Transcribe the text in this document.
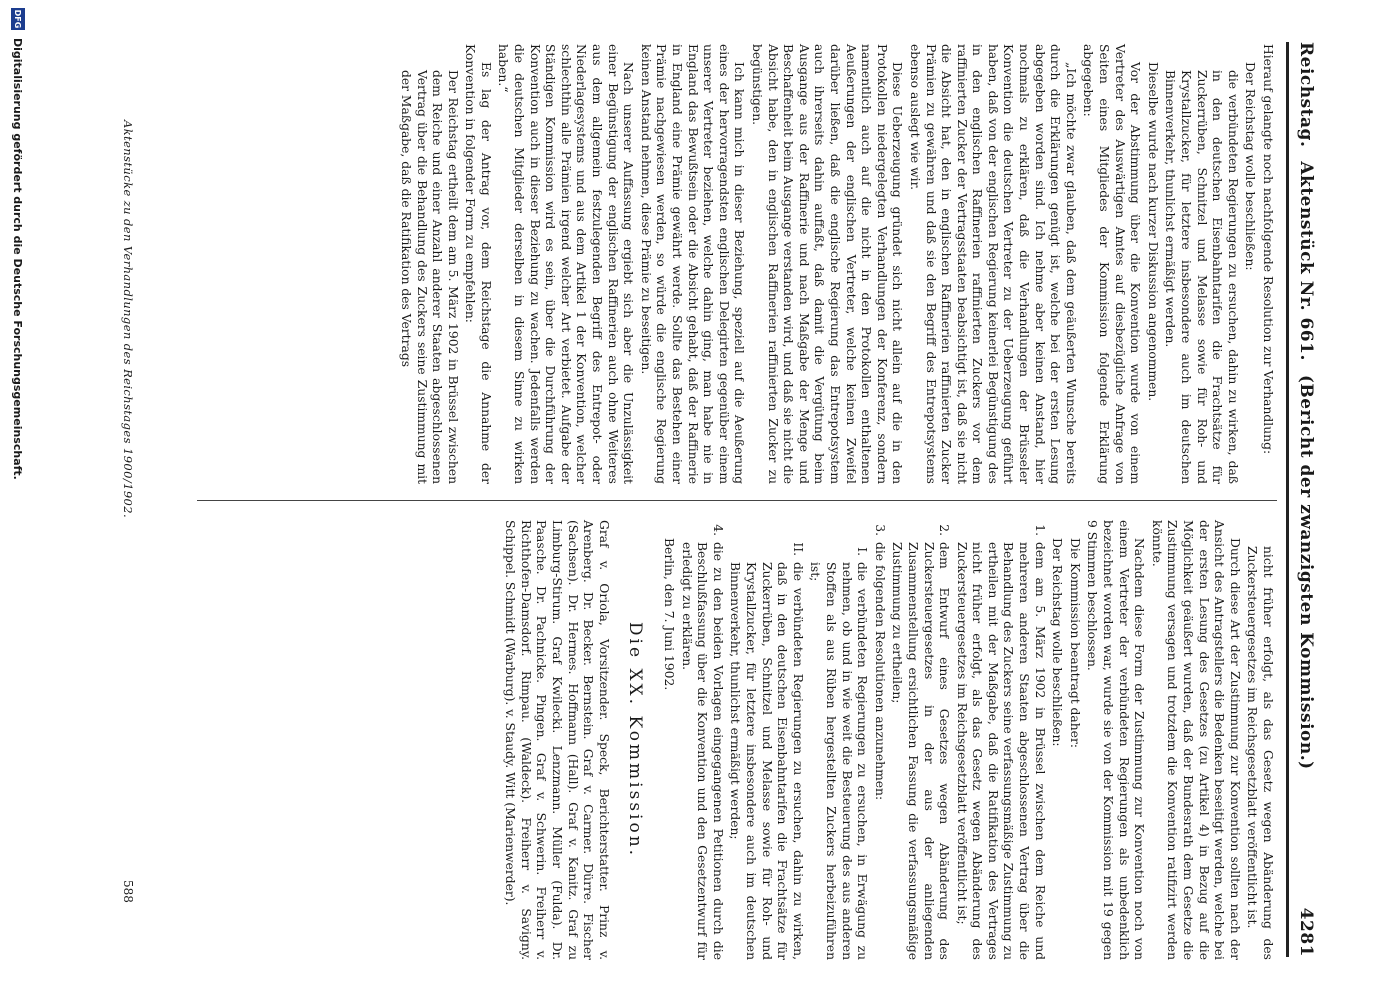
Reichstag.
Aktenstück Nr. 661.
(Bericht der zwanzigsten Kommission.)
4281

Hierauf gelangte noch nachfolgende Resolution zur Verhandlung:

Der Reichstag wolle beschließen:

die verbündeten Regierungen zu ersuchen, dahin zu wirken, daß in den deutschen Eisenbahntarifen die Frachtsätze für Zuckerrüben, Schnitzel und Melasse sowie für Roh- und Krystallzucker, für letztere insbesondere auch im deutschen Binnenverkehr, thunlichst ermäßigt werden.

Dieselbe wurde nach kurzer Diskussion angenommen.

Vor der Abstimmung über die Konvention wurde von einem Vertreter des Auswärtigen Amtes auf diesbezügliche Anfrage von Seiten eines Mitgliedes der Kommission folgende Erklärung abgegeben:

„Ich möchte zwar glauben, daß dem geäußerten Wunsche bereits durch die Erklärungen genügt ist, welche bei der ersten Lesung abgegeben worden sind. Ich nehme aber keinen Anstand, hier nochmals zu erklären, daß die Verhandlungen der Brüsseler Konvention die deutschen Vertreter zu der Ueberzeugung geführt haben, daß von der englischen Regierung keinerlei Begünstigung des in den englischen Raffinerien raffinierten Zuckers vor dem raffinierten Zucker der Vertragsstaaten beabsichtigt ist, daß sie nicht die Absicht hat, den in englischen Raffinerien raffinierten Zucker Prämien zu gewähren und daß sie den Begriff des Entrepotsystems ebenso auslegt wie wir.

Diese Ueberzeugung gründet sich nicht allein auf die in den Protokollen niedergelegten Verhandlungen der Konferenz, sondern namentlich auch auf die nicht in den Protokollen enthaltenen Aeußerungen der englischen Vertreter, welche keinen Zweifel darüber ließen, daß die englische Regierung das Entrepotsystem auch ihrerseits dahin auffaßt, daß damit die Vergütung beim Ausgange aus der Raffinerie und nach Maßgabe der Menge und Beschaffenheit beim Ausgange verstanden wird, und daß sie nicht die Absicht habe, den in englischen Raffinerien raffinierten Zucker zu begünstigen.

Ich kann mich in dieser Beziehung, speziell auf die Aeußerung eines der hervorragendsten englischen Delegirten gegenüber einem unserer Vertreter beziehen, welche dahin ging, man habe nie in England das Bewußtsein oder die Absicht gehabt, daß der Raffinerie in England eine Prämie gewährt werde. Sollte das Bestehen einer Prämie nachgewiesen werden, so würde die englische Regierung keinen Anstand nehmen, diese Prämie zu beseitigen.

Nach unserer Auffassung ergiebt sich aber die Unzulässigkeit einer Begünstigung der englischen Raffinerien auch ohne Weiteres aus dem allgemein festzulegenden Begriff des Entrepot- oder Niederlagesystems und aus dem Artikel 1 der Konvention, welcher schlechthin alle Prämien irgend welcher Art verbietet. Aufgabe der Ständigen Kommission wird es sein, über die Durchführung der Konvention auch in dieser Beziehung zu wachen. Jedenfalls werden die deutschen Mitglieder derselben in diesem Sinne zu wirken haben.“

Es lag der Antrag vor, dem Reichstage die Annahme der Konvention in folgender Form zu empfehlen:

Der Reichstag ertheilt dem am 5. März 1902 in Brüssel zwischen dem Reiche und einer Anzahl anderer Staaten abgeschlossenen Vertrag über die Behandlung des Zuckers seine Zustimmung mit der Maßgabe, daß die Ratifikation des Vertrags

nicht früher erfolgt, als das Gesetz wegen Abänderung des Zuckersteuergesetzes im Reichsgesetzblatt veröffentlicht ist.

Durch diese Art der Zustimmung zur Konvention sollten nach der Ansicht des Antragstellers die Bedenken beseitigt werden, welche bei der ersten Lesung des Gesetzes (zu Artikel 4) in Bezug auf die Möglichkeit geäußert wurden, daß der Bundesrath dem Gesetze die Zustimmung versagen und trotzdem die Konvention ratifizirt werden könnte.

Nachdem diese Form der Zustimmung zur Konvention noch von einem Vertreter der verbündeten Regierungen als unbedenklich bezeichnet worden war, wurde sie von der Kommission mit 19 gegen 9 Stimmen beschlossen.

Die Kommission beantragt daher:

Der Reichstag wolle beschließen:

1.
dem am 5. März 1902 in Brüssel zwischen dem Reiche und mehreren anderen Staaten abgeschlossenen Vertrag über die Behandlung des Zuckers seine verfassungsmäßige Zustimmung zu ertheilen mit der Maßgabe, daß die Ratifikation des Vertrages nicht früher erfolgt, als das Gesetz wegen Abänderung des Zuckersteuergesetzes im Reichsgesetzblatt veröffentlicht ist;
2.
dem Entwurf eines Gesetzes wegen Abänderung des Zuckersteuergesetzes in der aus der anliegenden Zusammenstellung ersichtlichen Fassung die verfassungsmäßige Zustimmung zu ertheilen;
3.
die folgenden Resolutionen anzunehmen:
I.
die verbündeten Regierungen zu ersuchen, in Erwägung zu nehmen, ob und in wie weit die Besteuerung des aus anderen Stoffen als aus Rüben hergestellten Zuckers herbeizuführen ist;
II.
die verbündeten Regierungen zu ersuchen, dahin zu wirken, daß in den deutschen Eisenbahntarifen die Frachtsätze für Zuckerrüben, Schnitzel und Melasse sowie für Roh- und Krystallzucker, für letztere insbesondere auch im deutschen Binnenverkehr, thunlichst ermäßigt werden;
4.
die zu den beiden Vorlagen eingegangenen Petitionen durch die Beschlußfassung über die Konvention und den Gesetzentwurf für erledigt zu erklären.

Berlin, den 7. Juni 1902.

Die XX. Kommission.
Graf v. Oriola, Vorsitzender. Speck, Berichterstatter. Prinz v. Arenberg. Dr. Becker. Bernstein. Graf v. Carmer. Dürre. Fischer (Sachsen). Dr. Hermes. Hoffmann (Hall). Graf v. Kanitz. Graf zu Limburg-Stirum. Graf Kwilecki. Lenzmann. Müller (Fulda). Dr. Paasche. Dr. Pachnicke. Pingen. Graf v. Schwerin. Freiherr v. Richthofen-Damsdorf. Rimpau. (Waldeck). Freiherr v. Savigny. Schippel. Schmidt (Warburg). v. Staudy. Witt (Marienwerder).
Aktenstücke zu den Verhandlungen des Reichstages 1900/1902.
588
DFG
Digitalisierung gefördert durch die Deutsche Forschungsgemeinschaft.
